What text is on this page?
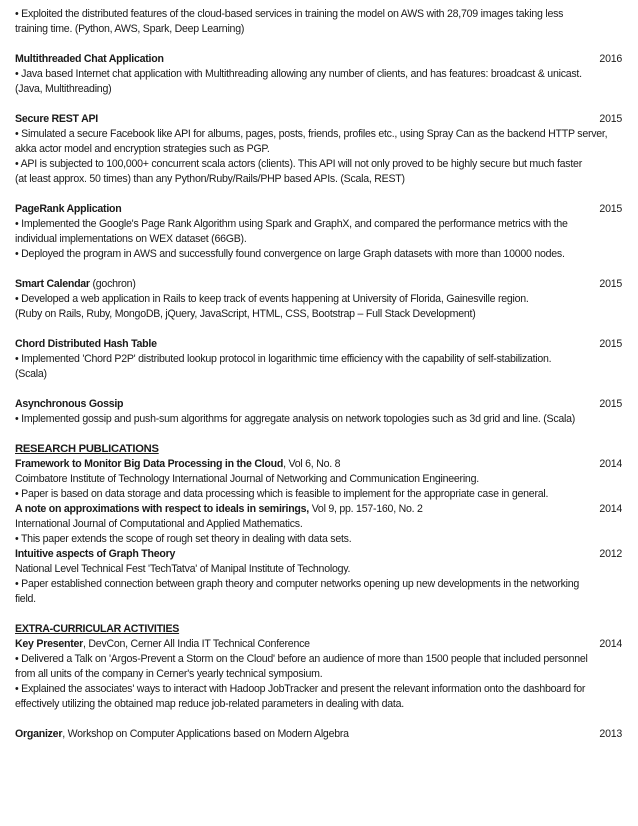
• Exploited the distributed features of the cloud-based services in training the model on AWS with 28,709 images taking less
training time. (Python, AWS, Spark, Deep Learning)
Multithreaded Chat Application	2016
• Java based Internet chat application with Multithreading allowing any number of clients, and has features: broadcast & unicast.
(Java, Multithreading)
Secure REST API	2015
• Simulated a secure Facebook like API for albums, pages, posts, friends, profiles etc., using Spray Can as the backend HTTP server,
akka actor model and encryption strategies such as PGP.
• API is subjected to 100,000+ concurrent scala actors (clients). This API will not only proved to be highly secure but much faster
(at least approx. 50 times) than any Python/Ruby/Rails/PHP based APIs. (Scala, REST)
PageRank Application	2015
• Implemented the Google's Page Rank Algorithm using Spark and GraphX, and compared the performance metrics with the
individual implementations on WEX dataset (66GB).
• Deployed the program in AWS and successfully found convergence on large Graph datasets with more than 10000 nodes.
Smart Calendar (gochron)	2015
• Developed a web application in Rails to keep track of events happening at University of Florida, Gainesville region.
(Ruby on Rails, Ruby, MongoDB, jQuery, JavaScript, HTML, CSS, Bootstrap – Full Stack Development)
Chord Distributed Hash Table	2015
• Implemented 'Chord P2P' distributed lookup protocol in logarithmic time efficiency with the capability of self-stabilization.
(Scala)
Asynchronous Gossip	2015
• Implemented gossip and push-sum algorithms for aggregate analysis on network topologies such as 3d grid and line. (Scala)
RESEARCH PUBLICATIONS
Framework to Monitor Big Data Processing in the Cloud, Vol 6, No. 8	2014
Coimbatore Institute of Technology International Journal of Networking and Communication Engineering.
• Paper is based on data storage and data processing which is feasible to implement for the appropriate case in general.
A note on approximations with respect to ideals in semirings, Vol 9, pp. 157-160, No. 2	2014
International Journal of Computational and Applied Mathematics.
• This paper extends the scope of rough set theory in dealing with data sets.
Intuitive aspects of Graph Theory	2012
National Level Technical Fest 'TechTatva' of Manipal Institute of Technology.
• Paper established connection between graph theory and computer networks opening up new developments in the networking
field.
EXTRA-CURRICULAR ACTIVITIES
Key Presenter, DevCon, Cerner All India IT Technical Conference	2014
• Delivered a Talk on 'Argos-Prevent a Storm on the Cloud' before an audience of more than 1500 people that included personnel
from all units of the company in Cerner's yearly technical symposium.
• Explained the associates' ways to interact with Hadoop JobTracker and present the relevant information onto the dashboard for
effectively utilizing the obtained map reduce job-related parameters in dealing with data.
Organizer, Workshop on Computer Applications based on Modern Algebra	2013
